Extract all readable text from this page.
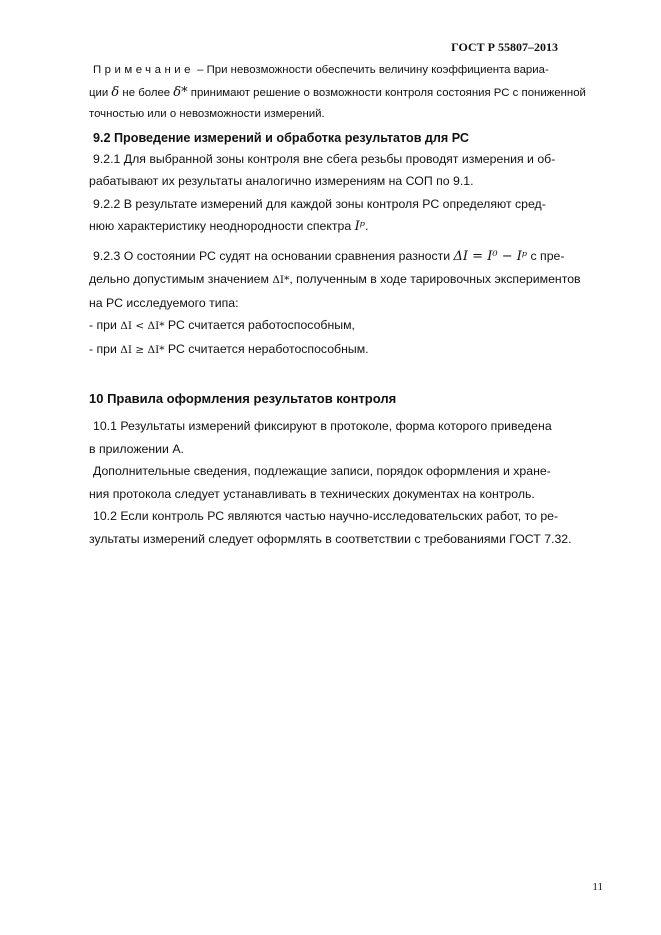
ГОСТ Р 55807–2013

Примечание – При невозможности обеспечить величину коэффициента вариа-

ции δ не более δ* принимают решение о возможности контроля состояния РС с пониженной

точностью или о невозможности измерений.

9.2 Проведение измерений и обработка результатов для РС

9.2.1 Для выбранной зоны контроля вне сбега резьбы проводят измерения и об-

рабатывают их результаты аналогично измерениям на СОП по 9.1.

9.2.2 В результате измерений для каждой зоны контроля РС определяют сред-

нюю характеристику неоднородности спектра Iᵖ.

9.2.3 О состоянии РС судят на основании сравнения разности ΔI = I⁰ − Iᵖ с пре-

дельно допустимым значением ΔI*, полученным в ходе тарировочных экспериментов

на РС исследуемого типа:

- при ΔI < ΔI* РС считается работоспособным,

- при ΔI ≥ ΔI* РС считается неработоспособным.

10 Правила оформления результатов контроля

10.1 Результаты измерений фиксируют в протоколе, форма которого приведена

в приложении А.

Дополнительные сведения, подлежащие записи, порядок оформления и хране-

ния протокола следует устанавливать в технических документах на контроль.

10.2 Если контроль РС являются частью научно-исследовательских работ, то ре-

зультаты измерений следует оформлять в соответствии с требованиями ГОСТ 7.32.

11
